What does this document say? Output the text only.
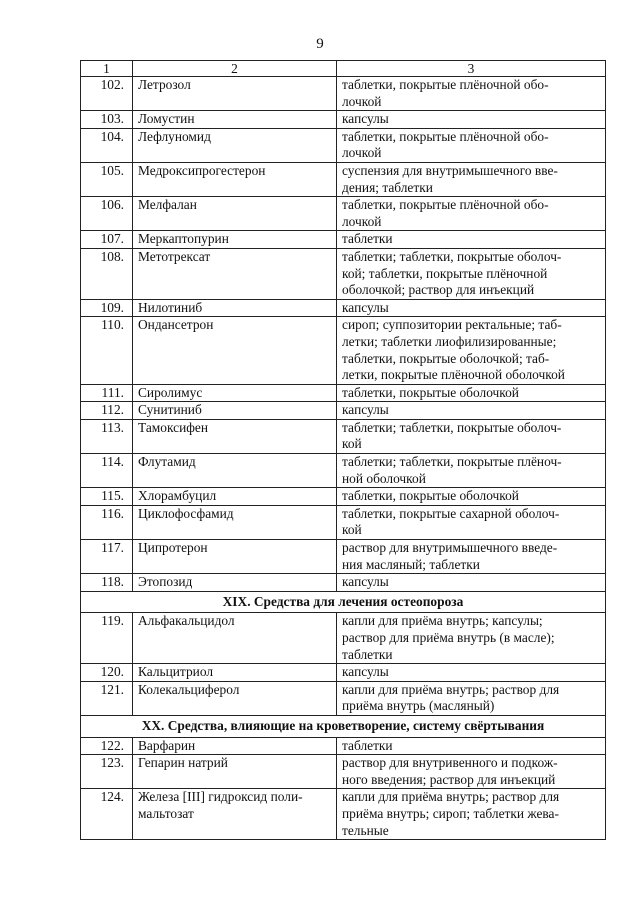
9
1	2	3
102.	Летрозол	таблетки, покрытые плёночной обо-
лочкой

103.	Ломустин	капсулы

104.	Лефлуномид	таблетки, покрытые плёночной обо-
лочкой

105.	Медроксипрогестерон	суспензия для внутримышечного вве-
дения; таблетки

106.	Мелфалан	таблетки, покрытые плёночной обо-
лочкой

107.	Меркаптопурин	таблетки

108.	Метотрексат	таблетки; таблетки, покрытые оболоч-
кой; таблетки, покрытые плёночной
оболочкой; раствор для инъекций

109.	Нилотиниб	капсулы

110.	Ондансетрон	сироп; суппозитории ректальные; таб-
летки; таблетки лиофилизированные;
таблетки, покрытые оболочкой; таб-
летки, покрытые плёночной оболочкой

111.	Сиролимус	таблетки, покрытые оболочкой

112.	Сунитиниб	капсулы

113.	Тамоксифен	таблетки; таблетки, покрытые оболоч-
кой

114.	Флутамид	таблетки; таблетки, покрытые плёноч-
ной оболочкой

115.	Хлорамбуцил	таблетки, покрытые оболочкой

116.	Циклофосфамид	таблетки, покрытые сахарной оболоч-
кой

117.	Ципротерон	раствор для внутримышечного введе-
ния масляный; таблетки

118.	Этопозид	капсулы

XIX. Средства для лечения остеопороза		
119.	Альфакальцидол	капли для приёма внутрь; капсулы;
раствор для приёма внутрь (в масле);
таблетки

120.	Кальцитриол	капсулы

121.	Колекальциферол	капли для приёма внутрь; раствор для
приёма внутрь (масляный)

XX. Средства, влияющие на кроветворение, систему свёртывания		
122.	Варфарин	таблетки

123.	Гепарин натрий	раствор для внутривенного и подкож-
ного введения; раствор для инъекций

124.	Железа [III] гидроксид поли- мальтозат	капли для приёма внутрь; раствор для
приёма внутрь; сироп; таблетки жева-
тельные
